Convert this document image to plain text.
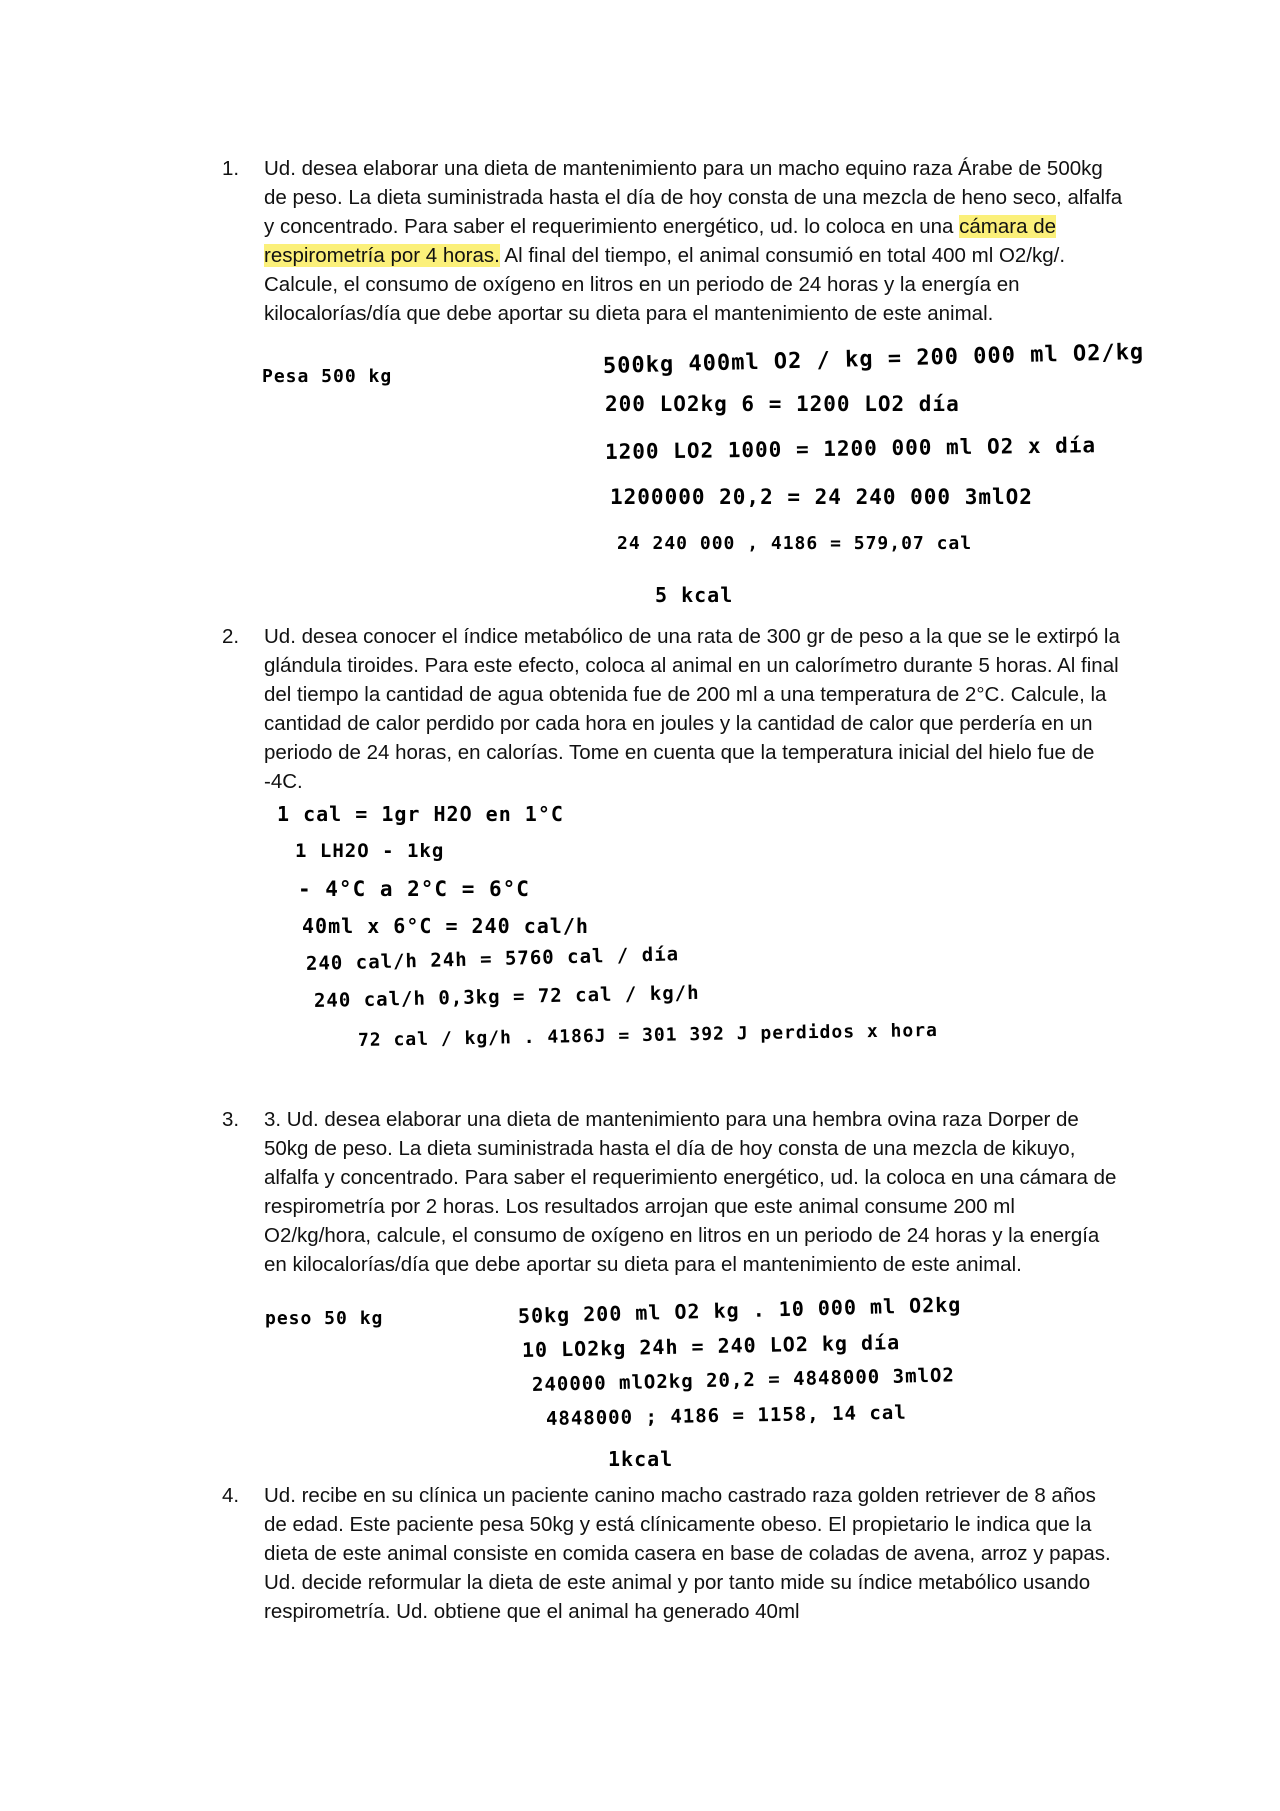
1. Ud. desea elaborar una dieta de mantenimiento para un macho equino raza Árabe de 500kg de peso. La dieta suministrada hasta el día de hoy consta de una mezcla de heno seco, alfalfa y concentrado. Para saber el requerimiento energético, ud. lo coloca en una cámara de respirometría por 4 horas. Al final del tiempo, el animal consumió en total 400 ml O2/kg/. Calcule, el consumo de oxígeno en litros en un periodo de 24 horas y la energía en kilocalorías/día que debe aportar su dieta para el mantenimiento de este animal.
Pesa 500 kg	500kg 400ml O2 / kg = 200 000 ml O2/kg
200 LO2kg 6 = 1200 LO2 día
1200 LO2 1000 = 1200 000 ml O2 x día
1200000 20,2 = 24 240 000 3mlO2
24 240 000 , 4186 = 579,07 cal
5 kcal
2. Ud. desea conocer el índice metabólico de una rata de 300 gr de peso a la que se le extirpó la glándula tiroides. Para este efecto, coloca al animal en un calorímetro durante 5 horas. Al final del tiempo la cantidad de agua obtenida fue de 200 ml a una temperatura de 2°C. Calcule, la cantidad de calor perdido por cada hora en joules y la cantidad de calor que perdería en un periodo de 24 horas, en calorías. Tome en cuenta que la temperatura inicial del hielo fue de -4C.
1 cal = 1gr H2O en 1°C
1 LH2O - 1kg
- 4°C a 2°C = 6°C
40ml x 6°C = 240 cal/h
240 cal/h 24h = 5760 cal / día
240 cal/h 0,3kg = 72 cal / kg/h
72 cal / kg/h . 4186J = 301 392 J perdidos x hora
3. 3. Ud. desea elaborar una dieta de mantenimiento para una hembra ovina raza Dorper de 50kg de peso. La dieta suministrada hasta el día de hoy consta de una mezcla de kikuyo, alfalfa y concentrado. Para saber el requerimiento energético, ud. la coloca en una cámara de respirometría por 2 horas. Los resultados arrojan que este animal consume 200 ml O2/kg/hora, calcule, el consumo de oxígeno en litros en un periodo de 24 horas y la energía en kilocalorías/día que debe aportar su dieta para el mantenimiento de este animal.
peso 50 kg	50kg 200 ml O2 kg . 10 000 ml O2kg
10 LO2kg 24h = 240 LO2 kg día
240000 mlO2kg 20,2 = 4848000 3mlO2
4848000 ; 4186 = 1158, 14 cal
1kcal
4. Ud. recibe en su clínica un paciente canino macho castrado raza golden retriever de 8 años de edad. Este paciente pesa 50kg y está clínicamente obeso. El propietario le indica que la dieta de este animal consiste en comida casera en base de coladas de avena, arroz y papas. Ud. decide reformular la dieta de este animal y por tanto mide su índice metabólico usando respirometría. Ud. obtiene que el animal ha generado 40ml
